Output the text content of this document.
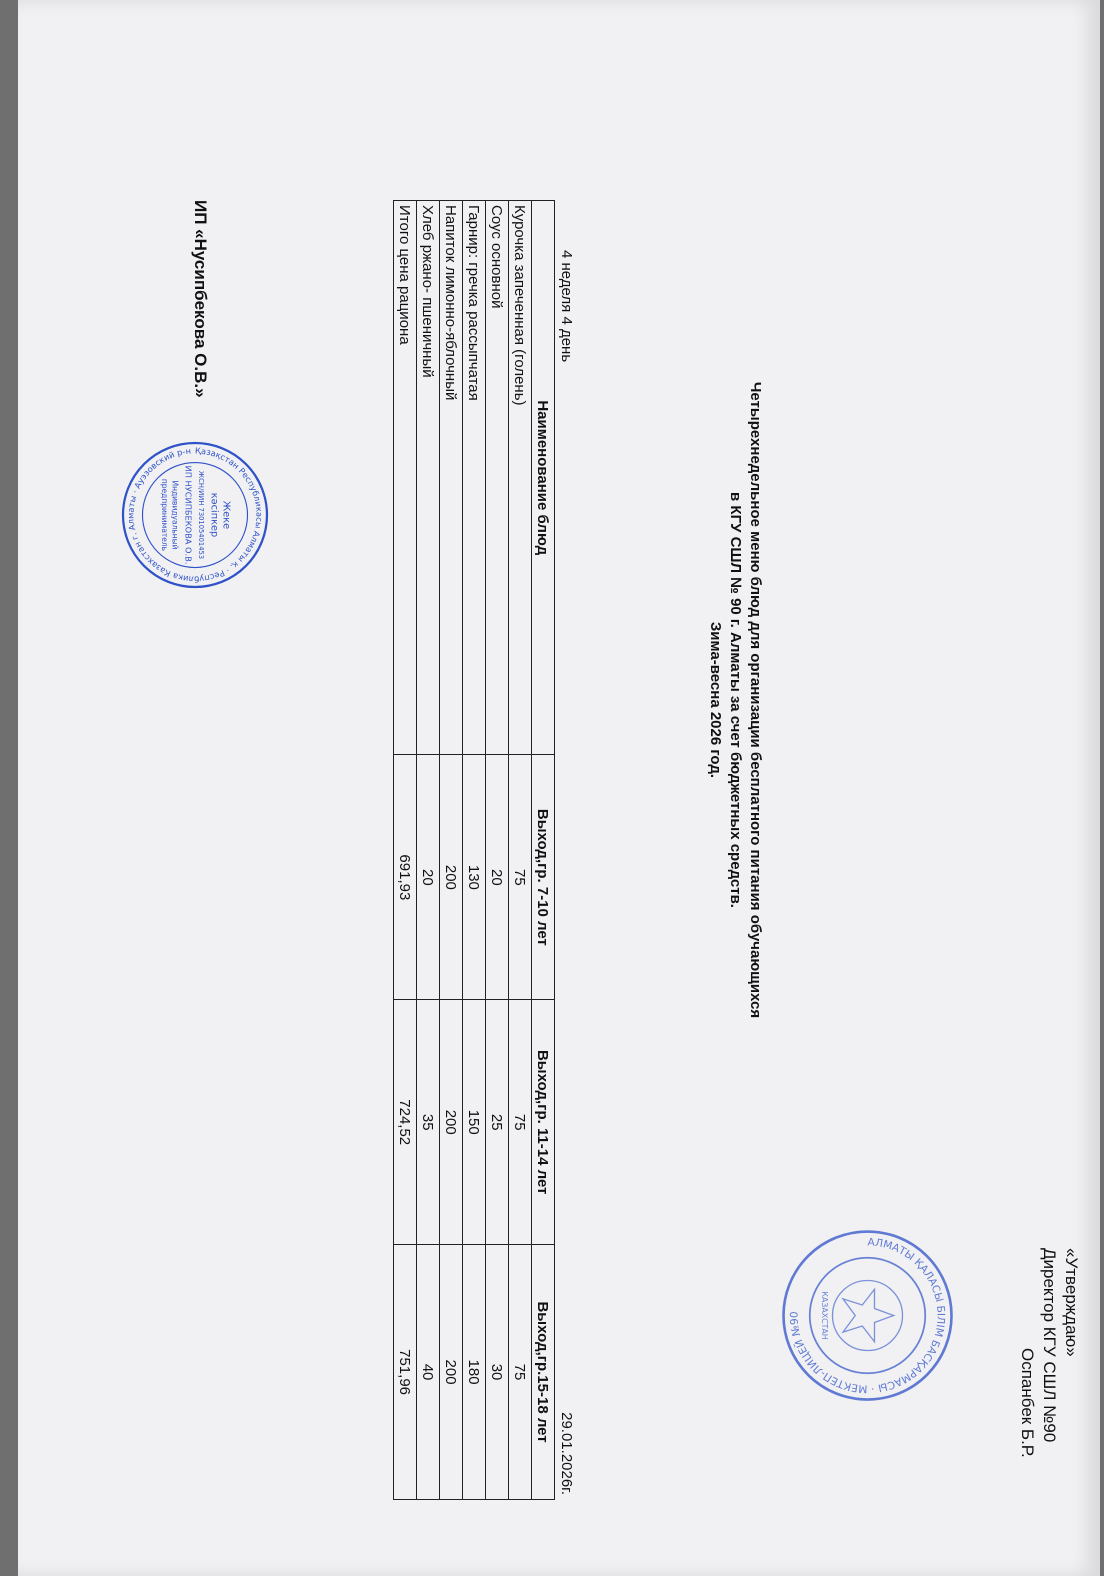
«Утверждаю»
Директор КГУ СШЛ №90
Оспанбек Б.Р.
АЛМАТЫ ҚАЛАСЫ БІЛІМ БАСҚАРМАСЫ · МЕКТЕП-ЛИЦЕЙ №90	КАЗАХСТАН
Четырехнедельное меню блюд для организации бесплатного питания обучающихся
в КГУ СШЛ № 90 г. Алматы за счет бюджетных средств.
Зима-весна 2026 год.
4 неделя 4 день
29.01.2026г.
Наименование блюд	Выход,гр. 7-10 лет	Выход,гр. 11-14 лет	Выход,гр.15-18 лет
Курочка запеченная (голень)	75	75	75
Соус основной	20	25	30
Гарнир: гречка рассыпчатая	130	150	180
Напиток лимонно-яблочный	200	200	200
Хлеб ржано- пшеничный	20	35	40
Итого цена рациона	691,93	724,52	751,96
ИП «Нусипбекова О.В.»
Қазақстан Республикасы Алматы қ. · Республика Казахстан г. Алматы · Ауэзовский р-н
Жеке
кәсіпкер
ЖСН/ИИН 730105401453
ИП НУСИПБЕКОВА О.В.
Индивидуальный
предприниматель
